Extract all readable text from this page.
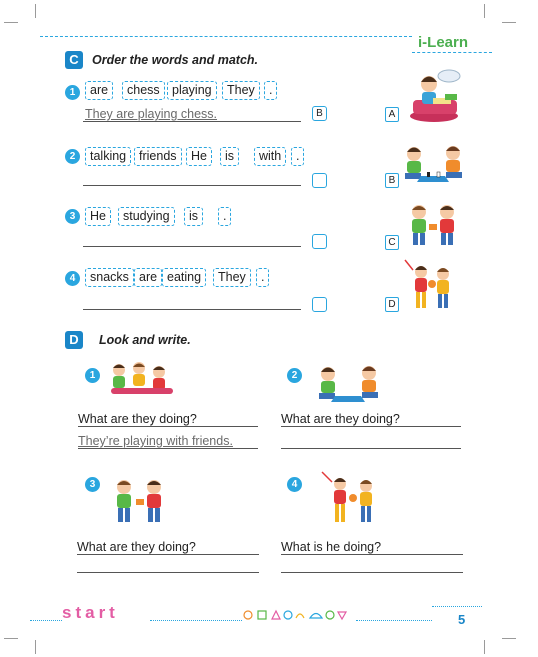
i-Learn
C	Order the words and match.
1	are	chess playing	They	.
They are playing chess.	B	A
2	talking	friends	He	is	with	.
B
3	He	studying	is	.
C
4	snacks are eating	They	.
D
D	Look and write.
1
What are they doing?
They’re playing with friends.
2
What are they doing?
3
What are they doing?
4
What is he doing?
start	5
